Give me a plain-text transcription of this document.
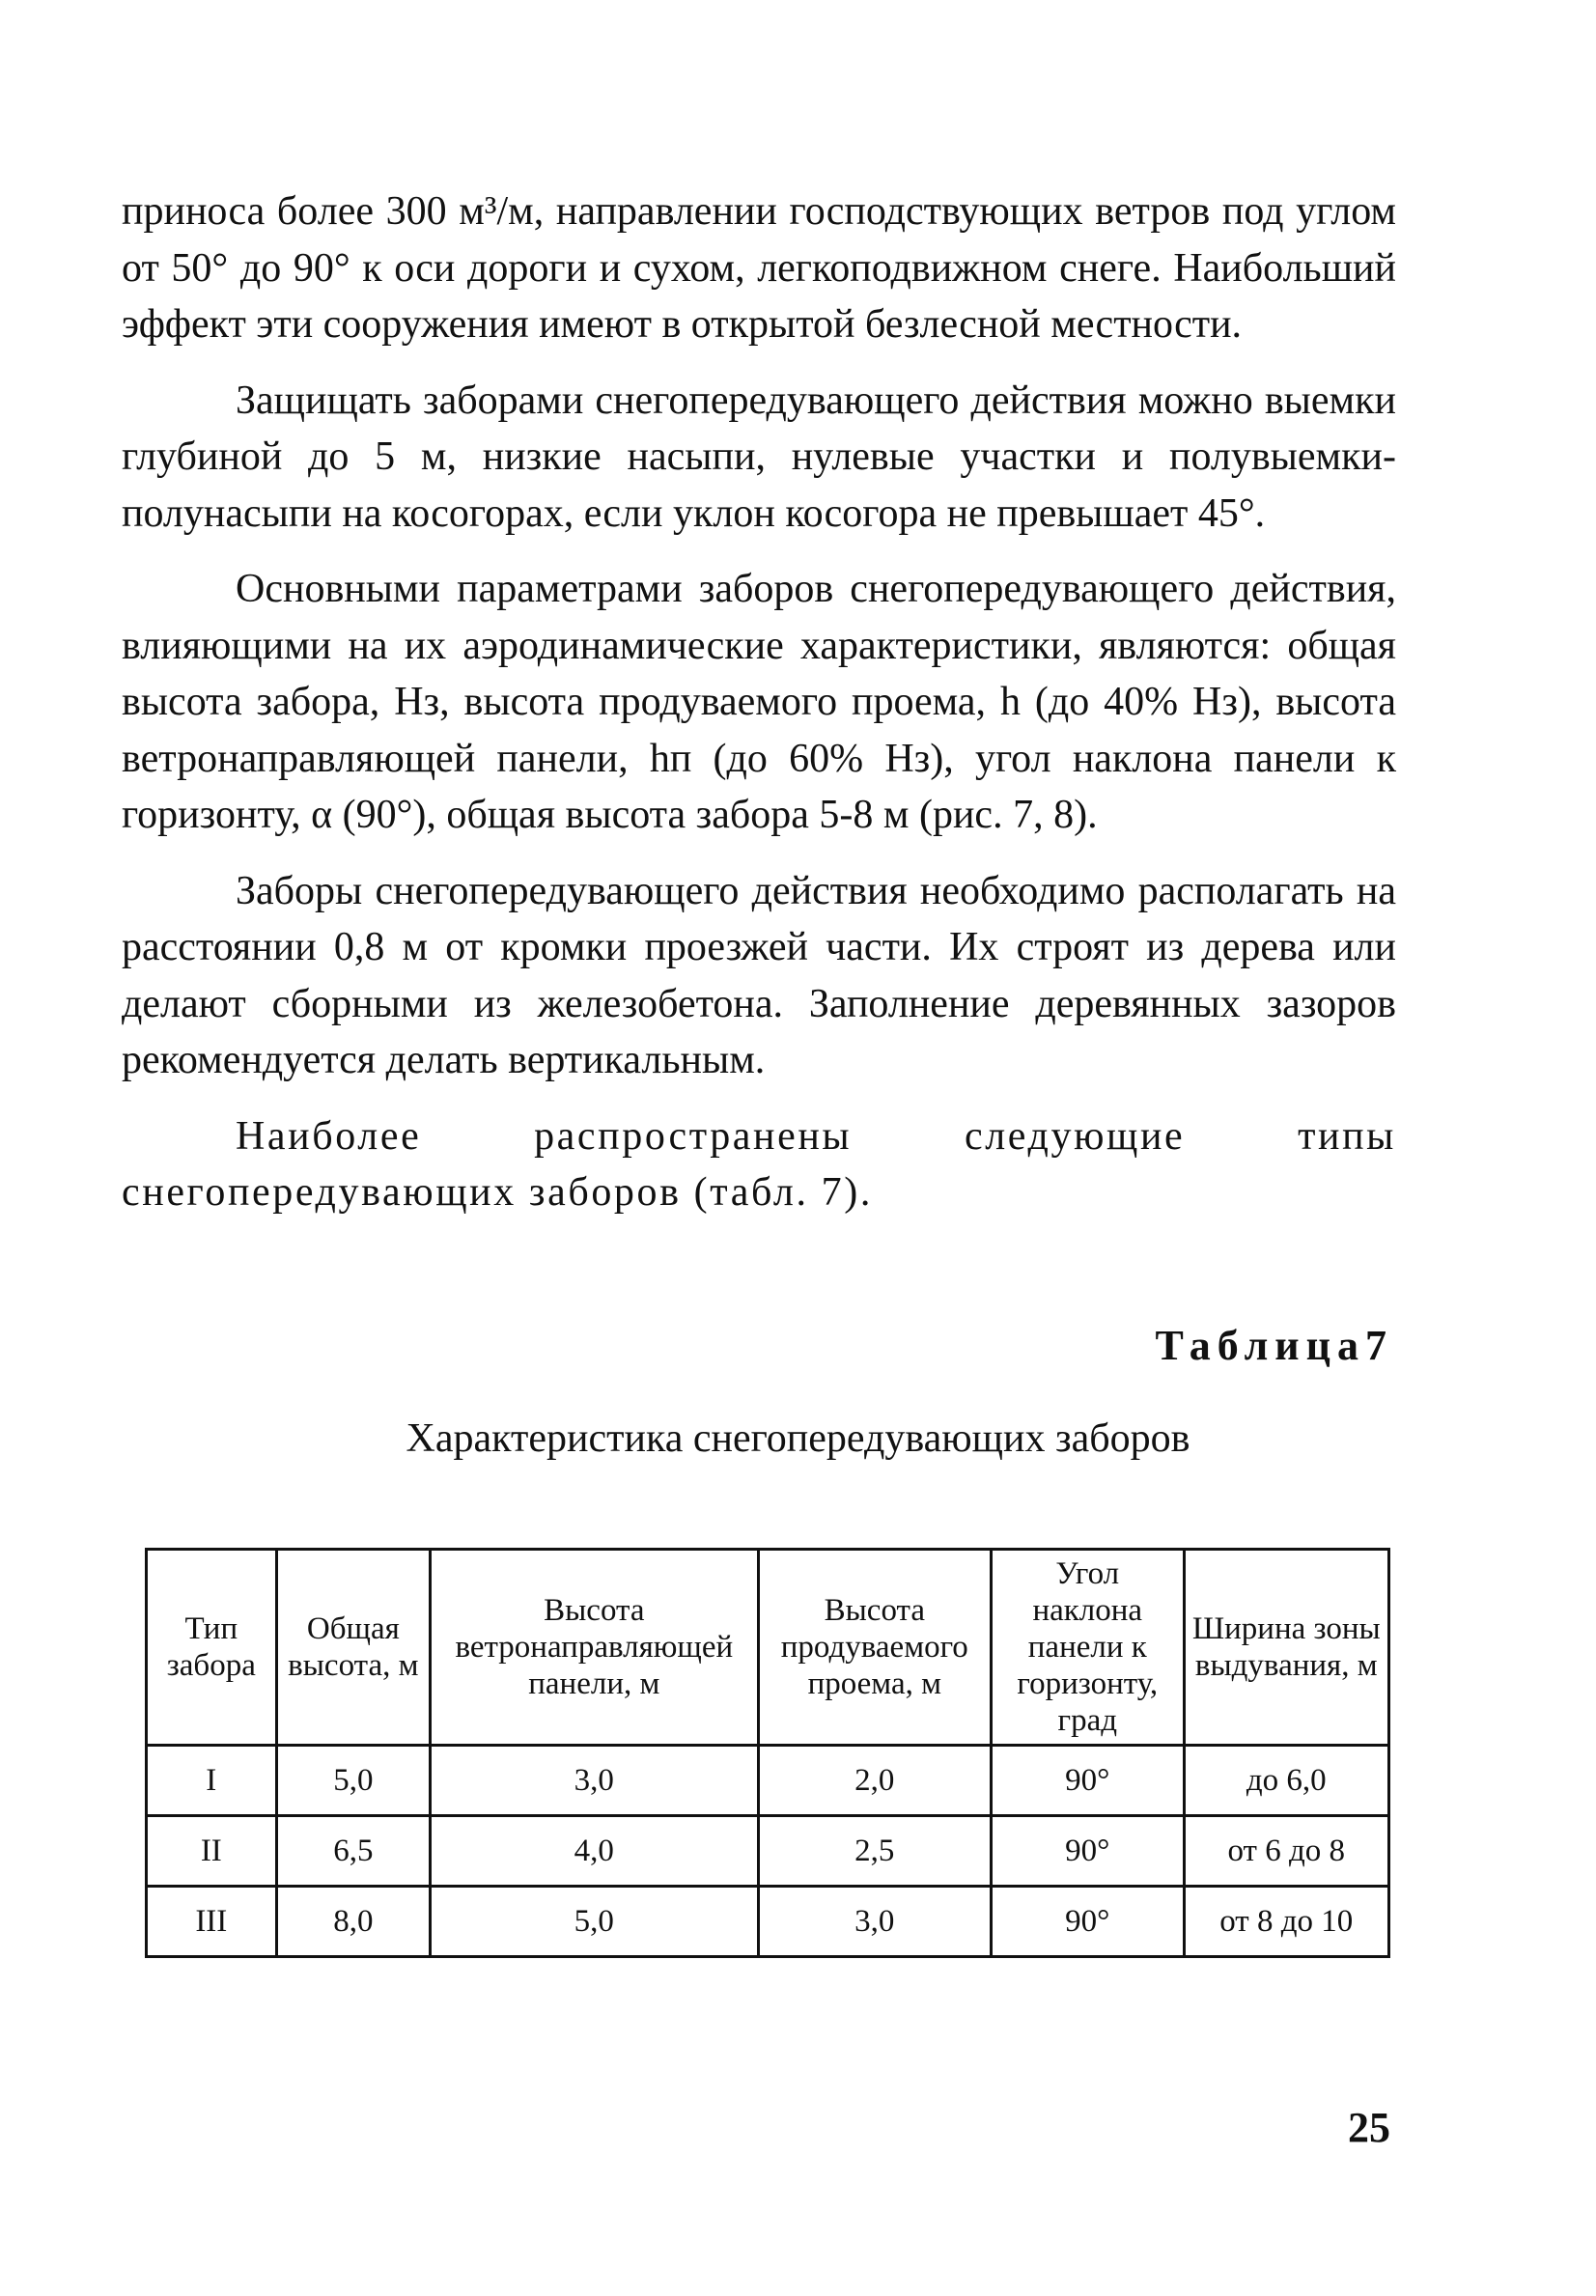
приноса более 300 м³/м, направлении господствующих ветров под углом от 50° до 90° к оси дороги и сухом, легкоподвижном снеге. Наибольший эффект эти сооружения имеют в открытой безлесной местности.

Защищать заборами снегопередувающего действия можно выемки глубиной до 5 м, низкие насыпи, нулевые участки и полувыемки-полунасыпи на косогорах, если уклон косогора не превышает 45°.

Основными параметрами заборов снегопередувающего действия, влияющими на их аэродинамические характеристики, являются: общая высота забора, Hз, высота продуваемого проема, h (до 40% Hз), высота ветронаправляющей панели, hп (до 60% Hз), угол наклона панели к горизонту, α (90°), общая высота забора 5-8 м (рис. 7, 8).

Заборы снегопередувающего действия необходимо располагать на расстоянии 0,8 м от кромки проезжей части. Их строят из дерева или делают сборными из железобетона. Заполнение деревянных зазоров рекомендуется делать вертикальным.

Наиболее распространены следующие типы снегопередувающих заборов (табл. 7).

Таблица7
Характеристика снегопередувающих заборов
Тип забора	Общая высота, м	Высота ветронаправляющей панели, м	Высота продуваемого проема, м	Угол наклона панели к горизонту, град	Ширина зоны выдувания, м
I	5,0	3,0	2,0	90°	до 6,0
II	6,5	4,0	2,5	90°	от 6 до 8
III	8,0	5,0	3,0	90°	от 8 до 10
25
